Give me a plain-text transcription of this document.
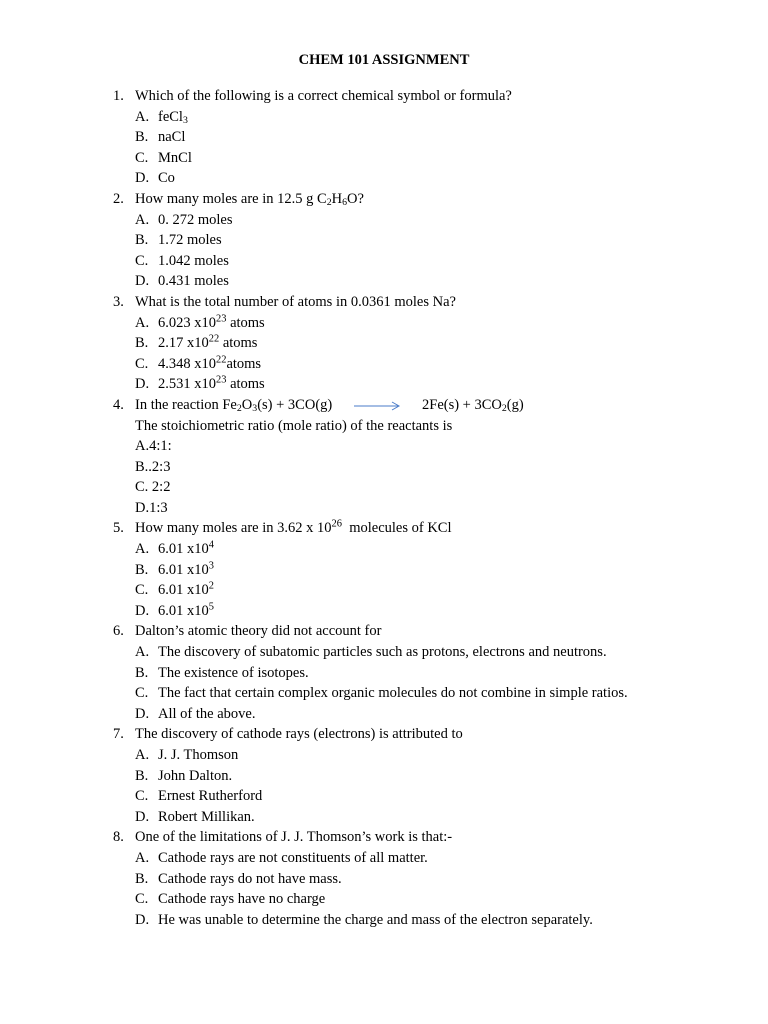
CHEM 101 ASSIGNMENT
1. Which of the following is a correct chemical symbol or formula?
A. feCl$_3$
B. naCl
C. MnCl
D. Co
2. How many moles are in 12.5 g $C_2H_6O$?
A. 0. 272 moles
B. 1.72 moles
C. 1.042 moles
D. 0.431 moles
3. What is the total number of atoms in 0.0361 moles Na?
A. 6.023 $x10^{23}$ atoms
B. 2.17 $x10^{22}$ atoms
C. 4.348 $x10^{22}atoms$
D. 2.531 $x10^{23}$ atoms
4. In the reaction $Fe_2O_3(s) + 3CO(g) \to 2Fe(s) + 3CO_2(g)$
The stoichiometric ratio (mole ratio) of the reactants is
A.4:1:
B..2:3
C. 2:2
D.1:3
5. How many moles are in 3.62 x $10^{26}$  molecules of KCl
A. 6.01 $x10^4$
B. 6.01 $x10^3$
C. 6.01 $x10^2$
D. 6.01 $x10^5$
6. Dalton’s atomic theory did not account for
A. The discovery of subatomic particles such as protons, electrons and neutrons.
B. The existence of isotopes.
C. The fact that certain complex organic molecules do not combine in simple ratios.
D. All of the above.
7. The discovery of cathode rays (electrons) is attributed to
A. J. J. Thomson
B. John Dalton.
C. Ernest Rutherford
D. Robert Millikan.
8. One of the limitations of J. J. Thomson’s work is that:-
A. Cathode rays are not constituents of all matter.
B. Cathode rays do not have mass.
C. Cathode rays have no charge
D. He was unable to determine the charge and mass of the electron separately.
